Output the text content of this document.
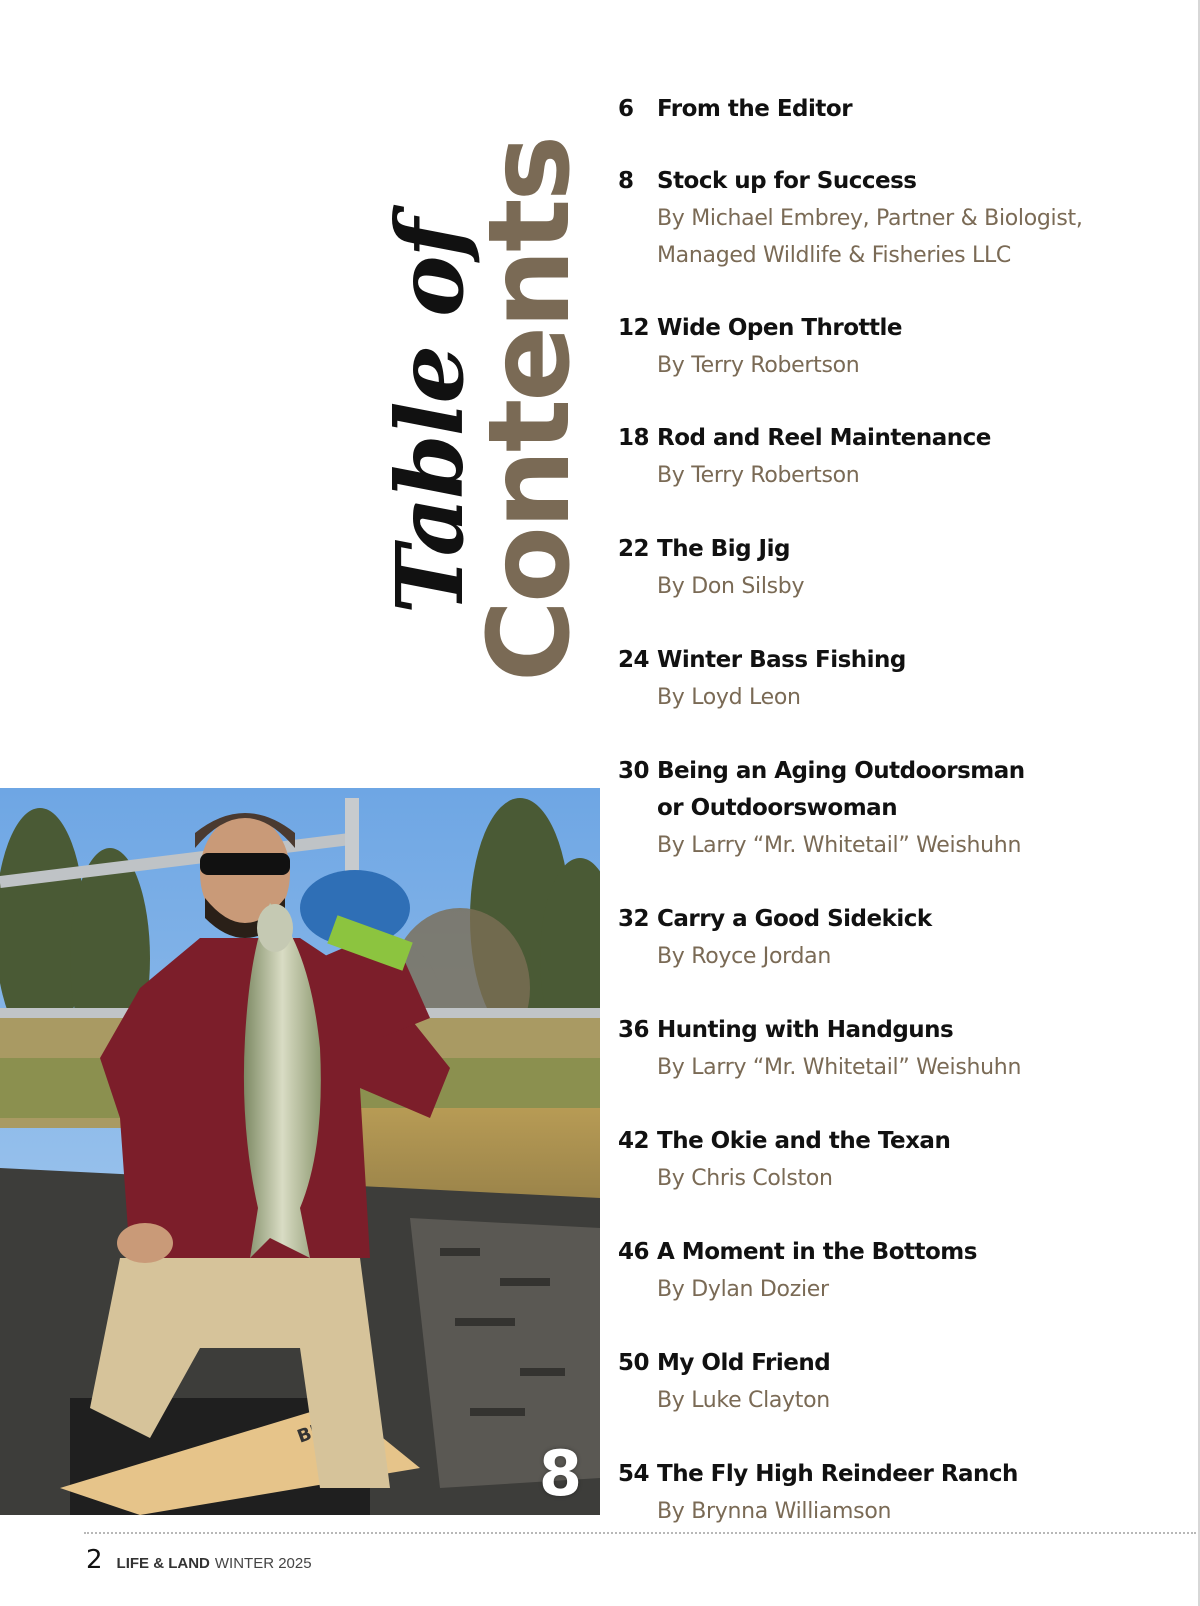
Table of
Contents
8
6	From the Editor
8	Stock up for Success
By Michael Embrey, Partner & Biologist,
Managed Wildlife & Fisheries LLC
12 Wide Open Throttle
By Terry Robertson
18 Rod and Reel Maintenance
By Terry Robertson
22 The Big Jig
By Don Silsby
24 Winter Bass Fishing
By Loyd Leon
30 Being an Aging Outdoorsman
or Outdoorswoman
By Larry “Mr. Whitetail” Weishuhn
32 Carry a Good Sidekick
By Royce Jordan
36 Hunting with Handguns
By Larry “Mr. Whitetail” Weishuhn
42 The Okie and the Texan
By Chris Colston
46 A Moment in the Bottoms
By Dylan Dozier
50 My Old Friend
By Luke Clayton
54 The Fly High Reindeer Ranch
By Brynna Williamson
2 LIFE & LAND WINTER 2025
